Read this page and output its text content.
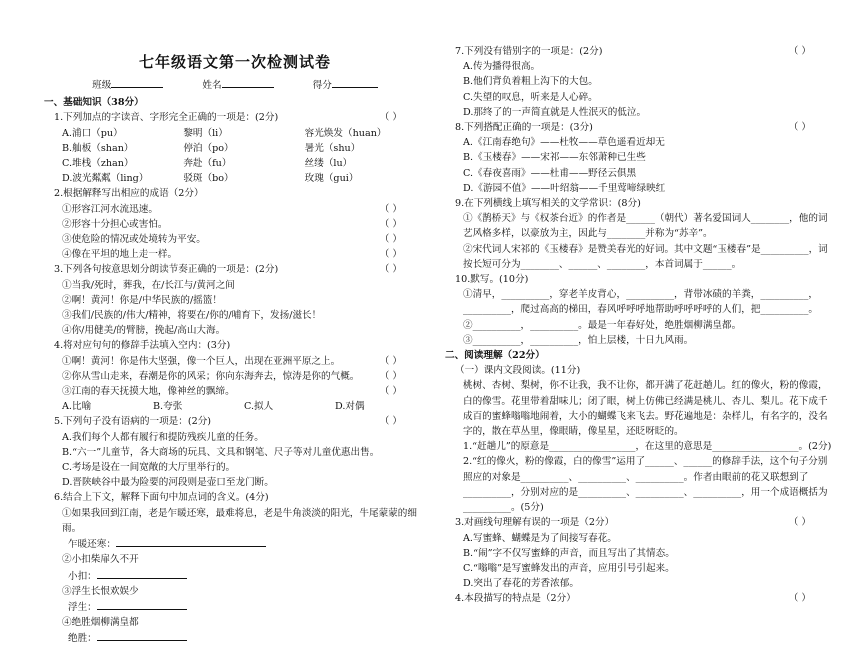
七年级语文第一次检测试卷
班级	姓名	得分
一、基础知识（38分）
（ ）
1.下列加点的字读音、字形完全正确的一项是：(2分)
A.浦口（pu）	黎明（li）	容光焕发（huan）
B.舢板（shan）	停泊（po）	暑光（shu）
C.堆栈（zhan）	奔赴（fu）	丝缕（lu）
D.波光粼粼（ling）	驳斑（bo）	玫瑰（gui）
2.根据解释写出相应的成语（2分）
（ ）
①形容江河水流迅速。
（ ）
②形容十分担心或害怕。
（ ）
③使危险的情况或处境转为平安。
（ ）
④像在平坦的地上走一样。
（ ）
3.下列各句按意思划分朗读节奏正确的一项是：(2分)
①当我/死时，葬我，在/长江与/黄河之间
②啊！黄河！你是/中华民族的/摇篮！
③我们/民族的/伟大/精神，将要在/你的/哺育下，发扬/滋长！
④你/用健美/的臂膀，挽起/高山大海。
4.将对应句句的修辞手法填入空内：(3分)
（ ）
①啊！黄河！你是伟大坚强，像一个巨人，出现在亚洲平原之上。
（ ）
②你从雪山走来，春潮是你的风采；你向东海奔去，惊涛是你的气概。
（ ）
③江南的春天抚摸大地，像神丝的飘缔。
A.比喻	B.夸张	C.拟人	D.对偶
（ ）
5.下列句子没有语病的一项是：(2分)
A.我们每个人都有履行和提防残疾儿童的任务。
B.“六一”儿童节，各大商场的玩具、文具和钢笔、尺子等对儿童优惠出售。
C.考场是设在一间宽敞的大厅里举行的。
D.晋陕峡谷中最为险要的河段则是壶口至龙门断。
6.结合上下文，解释下面句中加点词的含义。(4分)
①如果我回到江南，老是乍暖还寒，最难将息，老是牛角淡淡的阳光，牛尾蒙蒙的细雨。
乍暖还寒：
②小扣柴扉久不开
小扣：
③浮生长恨欢娱少
浮生：
④绝胜烟柳满皇都
绝胜：
（ ）
7.下列没有错别字的一项是：(2分)
A.传为播得很高。
B.他们背负着粗上沟下的大包。
C.失望的叹息，听来是人心碎。
D.那终了的一声简直就是人性泯灭的低泣。
（ ）
8.下列搭配正确的一项是：(3分)
A.《江南春绝句》——杜牧——草色遥看近却无
B.《玉楼春》——宋祁——东邻萧种已生些
C.《春夜喜雨》——杜甫——野径云俱黑
D.《游园不值》——叶绍翁——千里莺啼绿映红
9.在下列横线上填写相关的文学常识：(8分)
①《鹊桥天》与《权茶台近》的作者是______（朝代）著名爱国词人________，他的词艺风格多样，以豪放为主，因此与________并称为“苏辛”。
②宋代词人宋祁的《玉楼春》是赞美春光的好词。其中文题“玉楼春”是__________，词按长短可分为________、______、________，本首词属于______。
10.默写。(10分)
①清早，__________，穿老羊皮背心，__________，背带冰碛的羊粪，__________，__________，爬过高高的梯田，春风呼呼呼地帮助呼呼呼呼的人们，把__________。
②__________，__________。最是一年春好处，绝胜烟柳满皇都。
③__________，__________，怕上层楼，十日九风雨。
二、阅读理解（22分）
（一）课内文段阅读。(11分)
桃树、杏树、梨树，你不让我，我不让你，都开满了花赶趟儿。红的像火，粉的像霞，白的像雪。花里带着甜味儿；闭了眼，树上仿佛已经满是桃儿、杏儿、梨儿。花下成千成百的蜜蜂嗡嗡地闹着，大小的蝴蝶飞来飞去。野花遍地是：杂样儿，有名字的，没名字的，散在草丛里，像眼睛，像星星，还眨呀眨的。
1.“赶趟儿”的原意是__________________，在这里的意思是__________________。(2分)
2.“红的像火，粉的像霞，白的像雪”运用了______、______的修辞手法，这个句子分别照应的对象是__________、__________、__________。作者由眼前的花又联想到了__________，分别对应的是__________、__________、__________，用一个成语概括为__________。(5分)
（ ）
3.对画线句理解有误的一项是（2分）
A.写蜜蜂、蝴蝶是为了间接写春花。
B.“闹”字不仅写蜜蜂的声音，而且写出了其情态。
C.“嗡嗡”是写蜜蜂发出的声音，应用引号引起来。
D.突出了春花的芳香浓郁。
（ ）
4.本段描写的特点是（2分）
